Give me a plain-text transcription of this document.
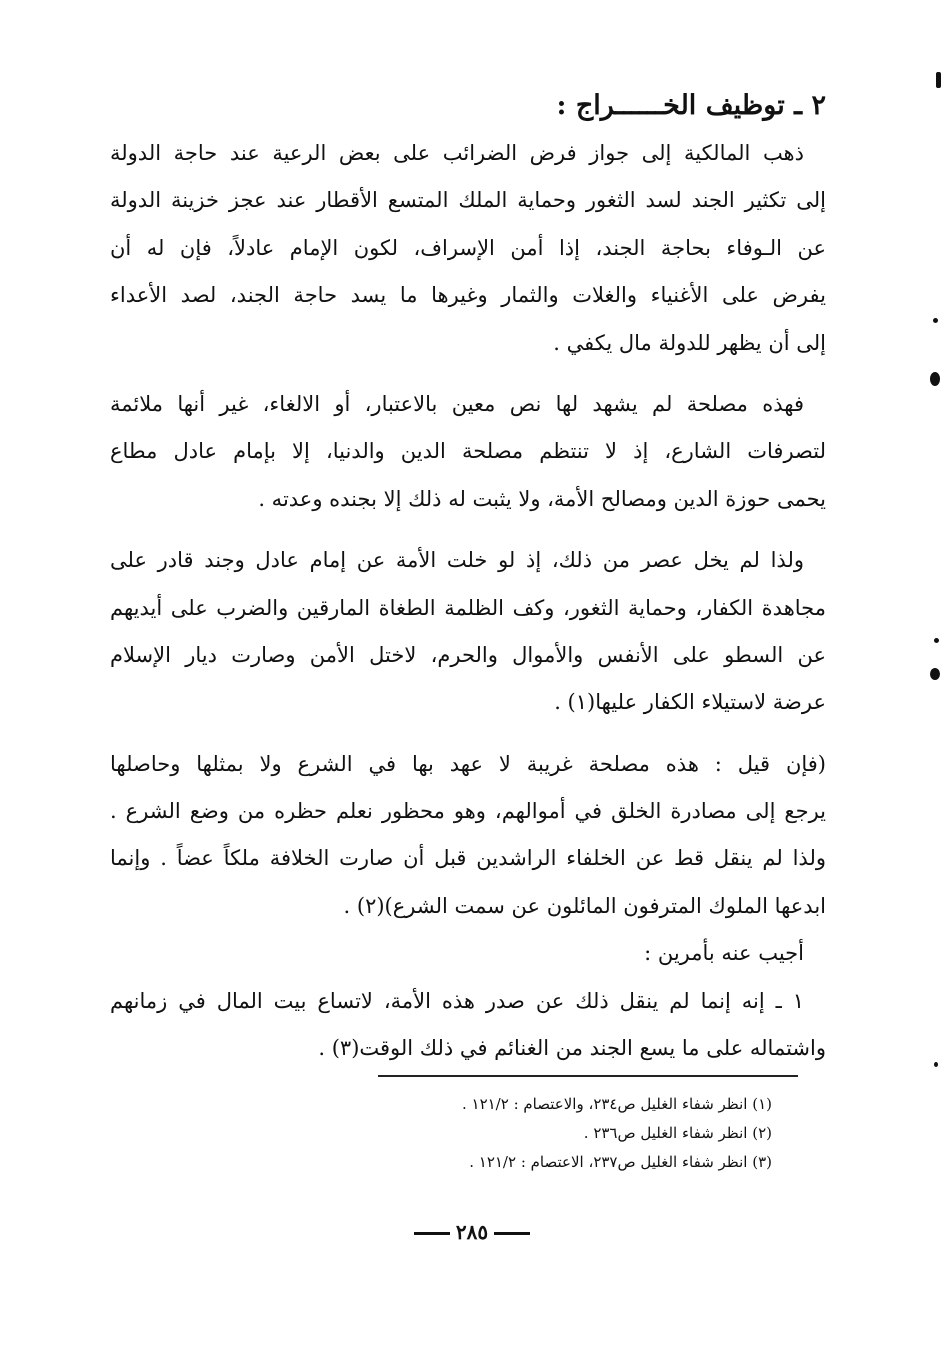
٢ ـ توظيف الخــــــراج :
ذهب المالكية إلى جواز فرض الضرائب على بعض الرعية عند حاجة الدولة
إلى تكثير الجند لسد الثغور وحماية الملك المتسع الأقطار عند عجز خزينة الدولة
عن الـوفاء بحاجة الجند، إذا أمن الإسراف، لكون الإمام عادلاً، فإن له أن
يفرض على الأغنياء والغلات والثمار وغيرها ما يسد حاجة الجند، لصد الأعداء
إلى أن يظهر للدولة مال يكفي .
فهذه مصلحة لم يشهد لها نص معين بالاعتبار، أو الالغاء، غير أنها ملائمة
لتصرفات الشارع، إذ لا تنتظم مصلحة الدين والدنيا، إلا بإمام عادل مطاع
يحمى حوزة الدين ومصالح الأمة، ولا يثبت له ذلك إلا بجنده وعدته .
ولذا لم يخل عصر من ذلك، إذ لو خلت الأمة عن إمام عادل وجند قادر على
مجاهدة الكفار، وحماية الثغور، وكف الظلمة الطغاة المارقين والضرب على أيديهم
عن السطو على الأنفس والأموال والحرم، لاختل الأمن وصارت ديار الإسلام
عرضة لاستيلاء الكفار عليها(١) .
(فإن قيل : هذه مصلحة غريبة لا عهد بها في الشرع ولا بمثلها وحاصلها
يرجع إلى مصادرة الخلق في أموالهم، وهو محظور نعلم حظره من وضع الشرع .
ولذا لم ينقل قط عن الخلفاء الراشدين قبل أن صارت الخلافة ملكاً عضاً . وإنما
ابدعها الملوك المترفون المائلون عن سمت الشرع)(٢) .
أجيب عنه بأمرين :
١ ـ إنه إنما لم ينقل ذلك عن صدر هذه الأمة، لاتساع بيت المال في زمانهم
واشتماله على ما يسع الجند من الغنائم في ذلك الوقت(٣) .
(١) انظر شفاء الغليل ص٢٣٤، والاعتصام : ١٢١/٢ .
(٢) انظر شفاء الغليل ص٢٣٦ .
(٣) انظر شفاء الغليل ص٢٣٧، الاعتصام : ١٢١/٢ .
٢٨٥
